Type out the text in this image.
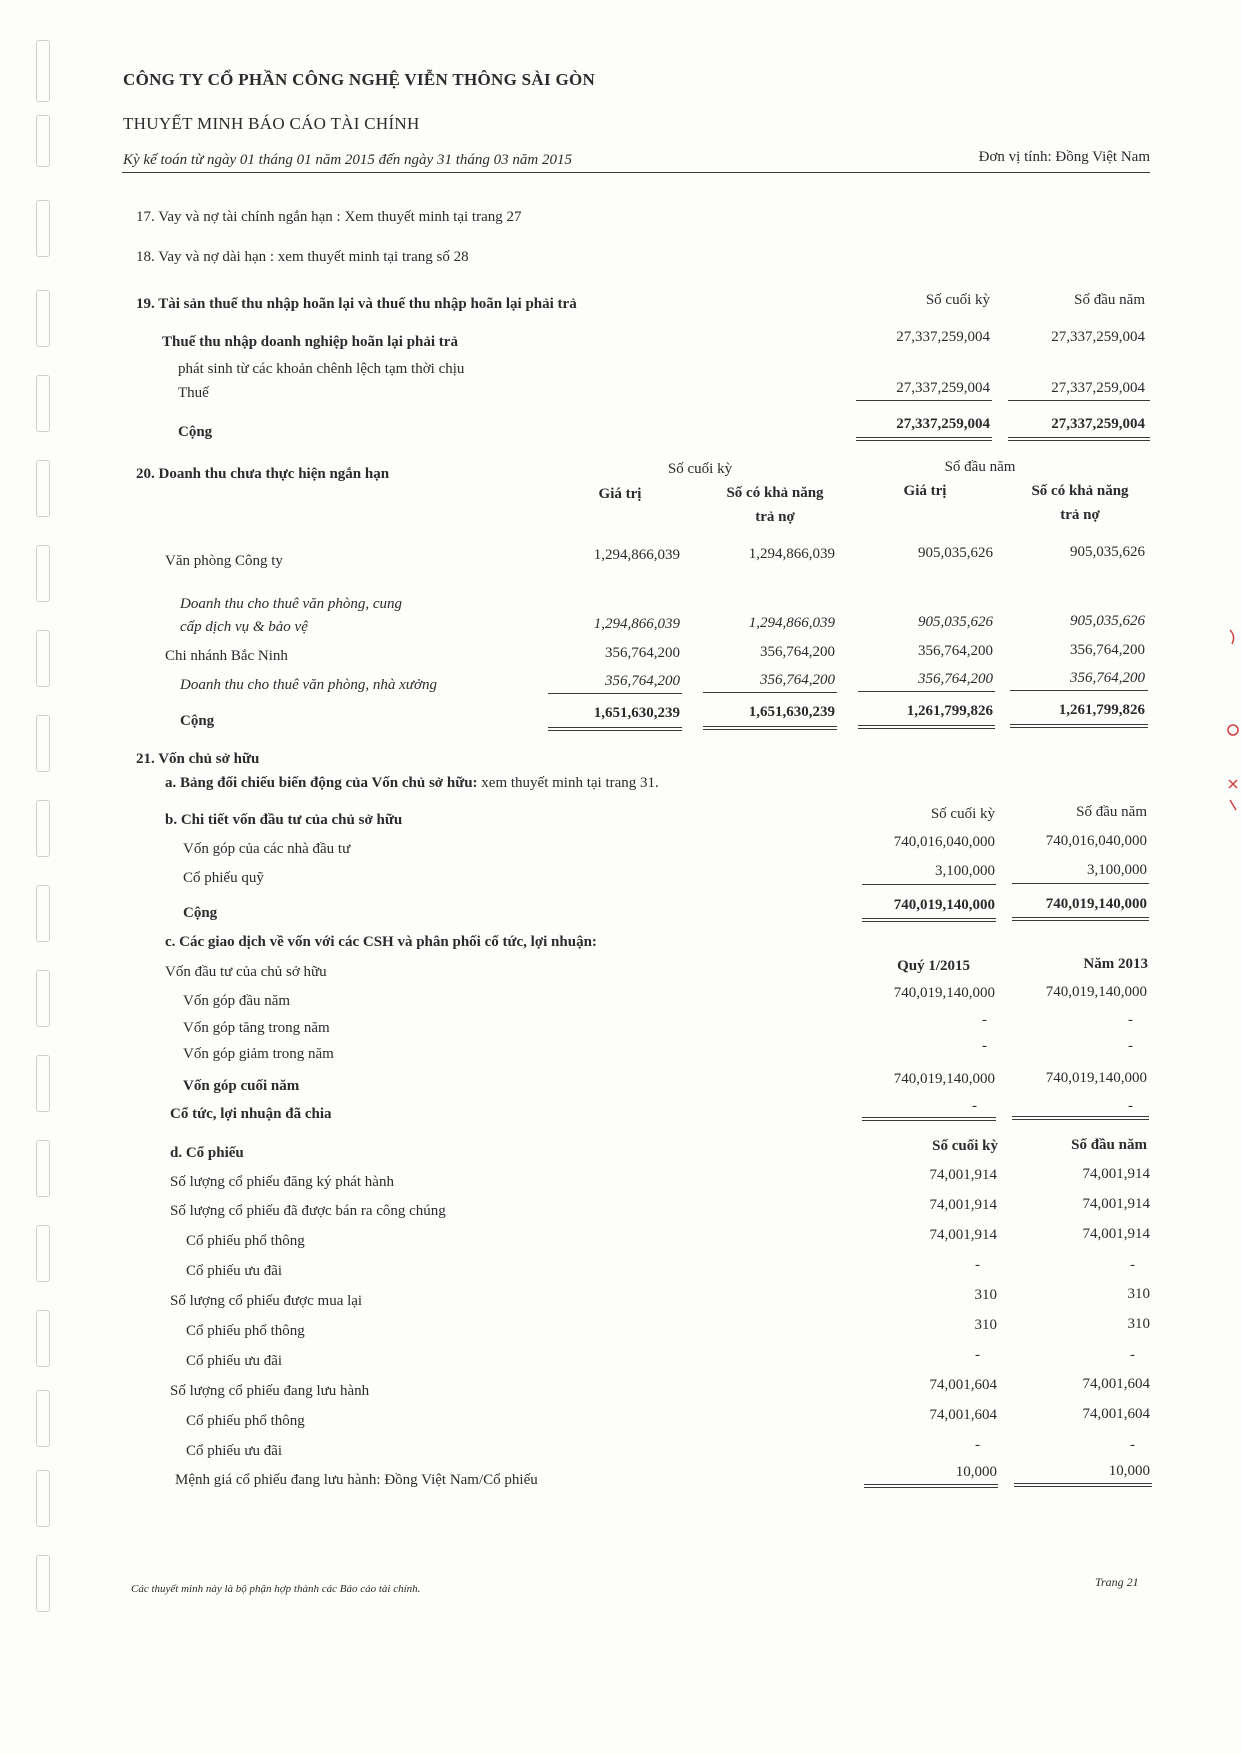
CÔNG TY CỔ PHẦN CÔNG NGHỆ VIỄN THÔNG SÀI GÒN
THUYẾT MINH BÁO CÁO TÀI CHÍNH
Kỳ kế toán từ ngày 01 tháng 01 năm 2015 đến ngày 31 tháng 03 năm 2015	Đơn vị tính: Đồng Việt Nam
17. Vay và nợ tài chính ngắn hạn : Xem thuyết minh tại trang 27
18. Vay và nợ dài hạn : xem thuyết minh tại trang số 28
19. Tài sản thuế thu nhập hoãn lại và thuế thu nhập hoãn lại phải trả	Số cuối kỳ	Số đầu năm
Thuế thu nhập doanh nghiệp hoãn lại phải trả	27,337,259,004	27,337,259,004
phát sinh từ các khoản chênh lệch tạm thời chịu
Thuế	27,337,259,004	27,337,259,004
Cộng	27,337,259,004	27,337,259,004
20. Doanh thu chưa thực hiện ngắn hạn	Số cuối kỳ	Số đầu năm
Giá trị	Số có khả năng
trả nợ
Giá trị	Số có khả năng
trả nợ
Văn phòng Công ty	1,294,866,039	1,294,866,039	905,035,626	905,035,626
Doanh thu cho thuê văn phòng, cung
cấp dịch vụ & bảo vệ	1,294,866,039	1,294,866,039	905,035,626	905,035,626
Chi nhánh Bắc Ninh	356,764,200	356,764,200	356,764,200	356,764,200
Doanh thu cho thuê văn phòng, nhà xưởng	356,764,200	356,764,200	356,764,200	356,764,200
Cộng	1,651,630,239	1,651,630,239	1,261,799,826	1,261,799,826
21. Vốn chủ sở hữu
a. Bảng đối chiếu biến động của Vốn chủ sở hữu: xem thuyết minh tại trang 31.
b. Chi tiết vốn đầu tư của chủ sở hữu	Số cuối kỳ	Số đầu năm
Vốn góp của các nhà đầu tư	740,016,040,000	740,016,040,000
Cổ phiếu quỹ	3,100,000	3,100,000
Cộng	740,019,140,000	740,019,140,000
c. Các giao dịch về vốn với các CSH và phân phối cổ tức, lợi nhuận:
Quý 1/2015	Năm 2013
Vốn đầu tư của chủ sở hữu
Vốn góp đầu năm	740,019,140,000	740,019,140,000
Vốn góp tăng trong năm	-	-
Vốn góp giảm trong năm	-	-
Vốn góp cuối năm	740,019,140,000	740,019,140,000
Cổ tức, lợi nhuận đã chia	-	-
d. Cổ phiếu	Số cuối kỳ	Số đầu năm
Số lượng cổ phiếu đăng ký phát hành	74,001,914	74,001,914
Số lượng cổ phiếu đã được bán ra công chúng	74,001,914	74,001,914
Cổ phiếu phổ thông	74,001,914	74,001,914
Cổ phiếu ưu đãi	-	-
Số lượng cổ phiếu được mua lại	310	310
Cổ phiếu phổ thông	310	310
Cổ phiếu ưu đãi	-	-
Số lượng cổ phiếu đang lưu hành	74,001,604	74,001,604
Cổ phiếu phổ thông	74,001,604	74,001,604
Cổ phiếu ưu đãi	-	-
Mệnh giá cổ phiếu đang lưu hành: Đồng Việt Nam/Cổ phiếu	10,000	10,000
Các thuyết minh này là bộ phận hợp thành các Báo cáo tài chính.	Trang 21
